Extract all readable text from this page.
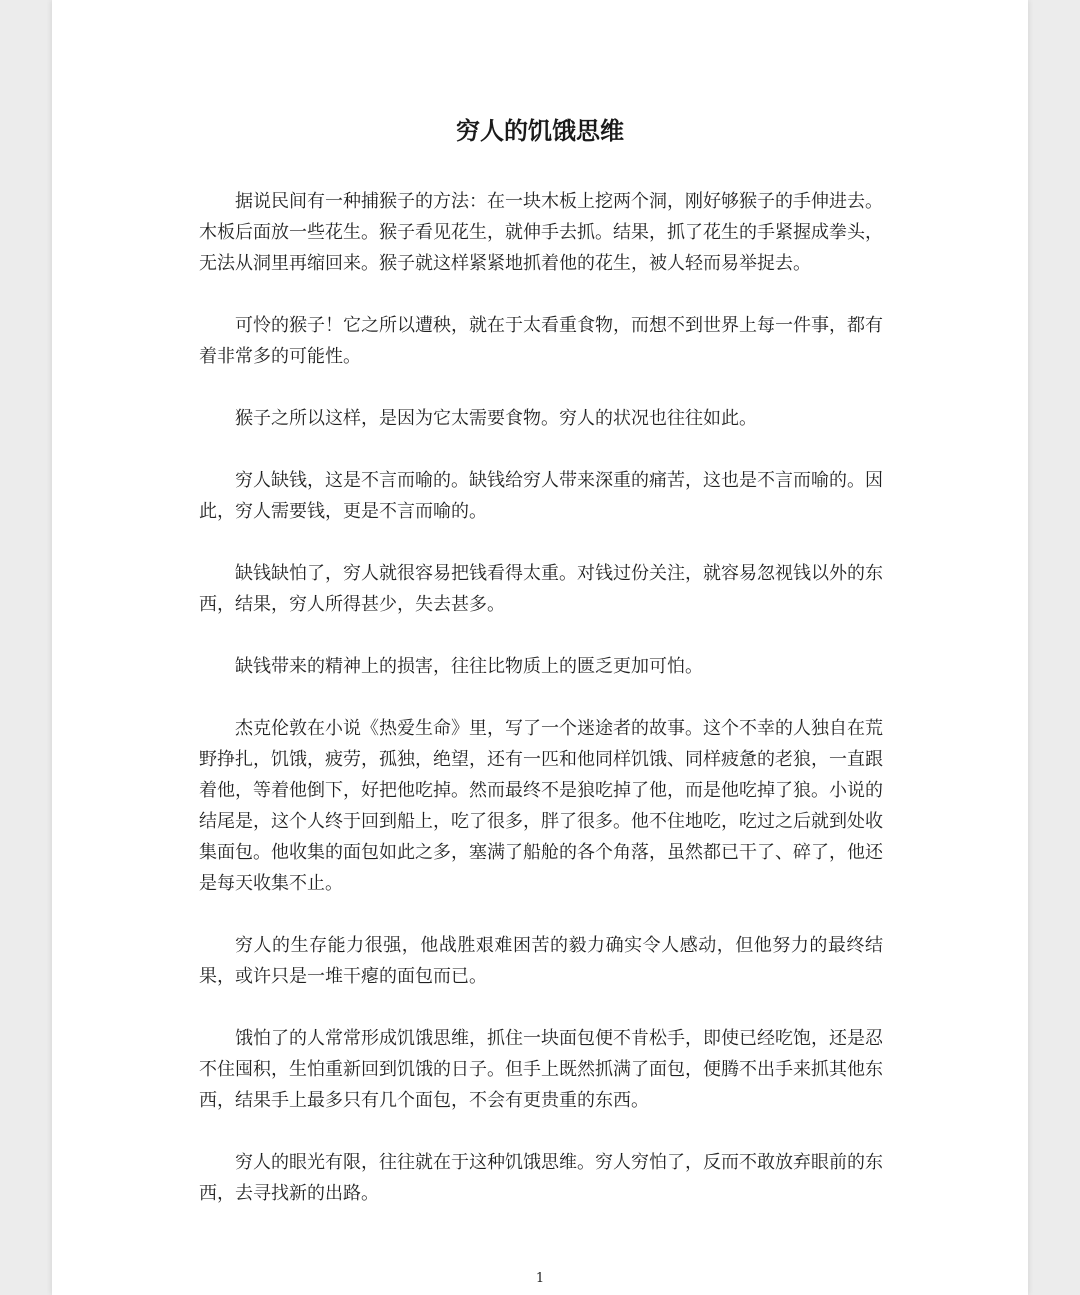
穷人的饥饿思维

据说民间有一种捕猴子的方法：在一块木板上挖两个洞，刚好够猴子的手伸进去。木板后面放一些花生。猴子看见花生，就伸手去抓。结果，抓了花生的手紧握成拳头，无法从洞里再缩回来。猴子就这样紧紧地抓着他的花生，被人轻而易举捉去。

可怜的猴子！它之所以遭秧，就在于太看重食物，而想不到世界上每一件事，都有着非常多的可能性。

猴子之所以这样，是因为它太需要食物。穷人的状况也往往如此。

穷人缺钱，这是不言而喻的。缺钱给穷人带来深重的痛苦，这也是不言而喻的。因此，穷人需要钱，更是不言而喻的。

缺钱缺怕了，穷人就很容易把钱看得太重。对钱过份关注，就容易忽视钱以外的东西，结果，穷人所得甚少，失去甚多。

缺钱带来的精神上的损害，往往比物质上的匮乏更加可怕。

杰克伦敦在小说《热爱生命》里，写了一个迷途者的故事。这个不幸的人独自在荒野挣扎，饥饿，疲劳，孤独，绝望，还有一匹和他同样饥饿、同样疲惫的老狼，一直跟着他，等着他倒下，好把他吃掉。然而最终不是狼吃掉了他，而是他吃掉了狼。小说的结尾是，这个人终于回到船上，吃了很多，胖了很多。他不住地吃，吃过之后就到处收集面包。他收集的面包如此之多，塞满了船舱的各个角落，虽然都已干了、碎了，他还是每天收集不止。

穷人的生存能力很强，他战胜艰难困苦的毅力确实令人感动，但他努力的最终结果，或许只是一堆干瘪的面包而已。

饿怕了的人常常形成饥饿思维，抓住一块面包便不肯松手，即使已经吃饱，还是忍不住囤积，生怕重新回到饥饿的日子。但手上既然抓满了面包，便腾不出手来抓其他东西，结果手上最多只有几个面包，不会有更贵重的东西。

穷人的眼光有限，往往就在于这种饥饿思维。穷人穷怕了，反而不敢放弃眼前的东西，去寻找新的出路。

1
